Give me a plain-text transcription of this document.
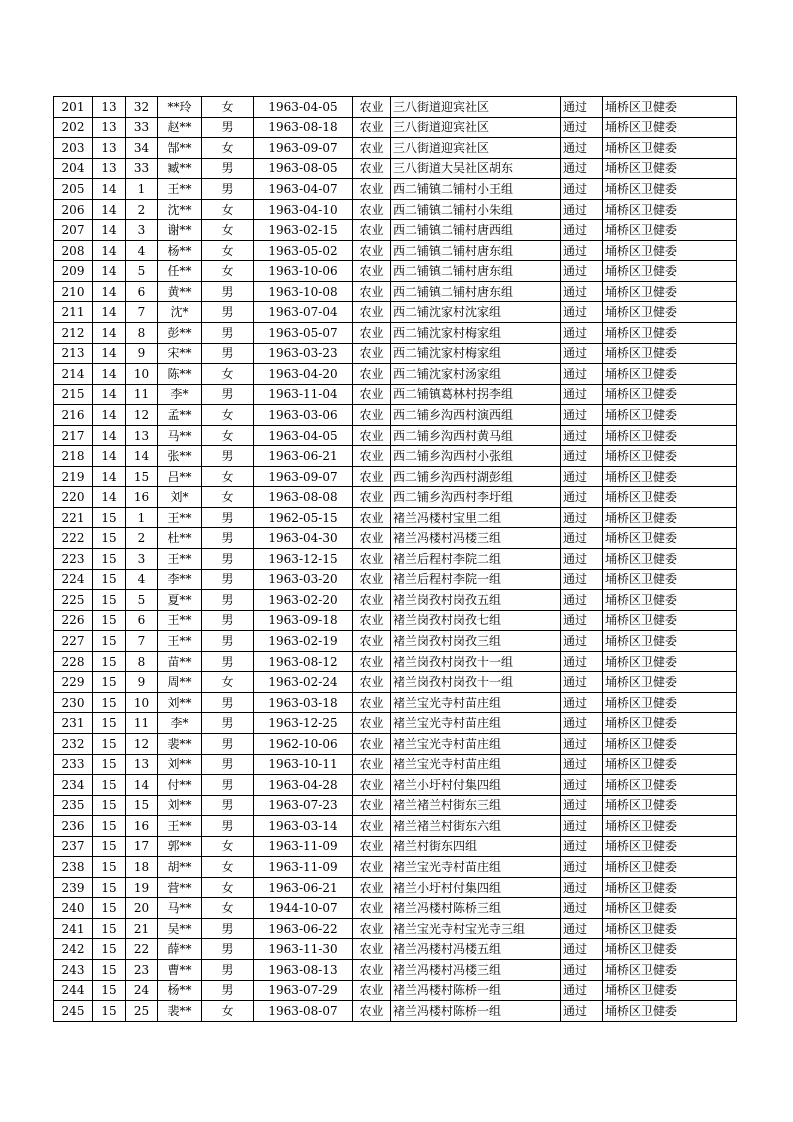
201	13	32	**玲	女	1963-04-05	农业	三八街道迎宾社区	通过	埇桥区卫健委
202	13	33	赵**	男	1963-08-18	农业	三八街道迎宾社区	通过	埇桥区卫健委
203	13	34	郜**	女	1963-09-07	农业	三八街道迎宾社区	通过	埇桥区卫健委
204	13	33	臧**	男	1963-08-05	农业	三八街道大吴社区胡东	通过	埇桥区卫健委
205	14	1	王**	男	1963-04-07	农业	西二铺镇二铺村小王组	通过	埇桥区卫健委
206	14	2	沈**	女	1963-04-10	农业	西二铺镇二铺村小朱组	通过	埇桥区卫健委
207	14	3	谢**	女	1963-02-15	农业	西二铺镇二铺村唐西组	通过	埇桥区卫健委
208	14	4	杨**	女	1963-05-02	农业	西二铺镇二铺村唐东组	通过	埇桥区卫健委
209	14	5	任**	女	1963-10-06	农业	西二铺镇二铺村唐东组	通过	埇桥区卫健委
210	14	6	黄**	男	1963-10-08	农业	西二铺镇二铺村唐东组	通过	埇桥区卫健委
211	14	7	沈*	男	1963-07-04	农业	西二铺沈家村沈家组	通过	埇桥区卫健委
212	14	8	彭**	男	1963-05-07	农业	西二铺沈家村梅家组	通过	埇桥区卫健委
213	14	9	宋**	男	1963-03-23	农业	西二铺沈家村梅家组	通过	埇桥区卫健委
214	14	10	陈**	女	1963-04-20	农业	西二铺沈家村汤家组	通过	埇桥区卫健委
215	14	11	李*	男	1963-11-04	农业	西二铺镇葛林村拐李组	通过	埇桥区卫健委
216	14	12	孟**	女	1963-03-06	农业	西二铺乡沟西村演西组	通过	埇桥区卫健委
217	14	13	马**	女	1963-04-05	农业	西二铺乡沟西村黄马组	通过	埇桥区卫健委
218	14	14	张**	男	1963-06-21	农业	西二铺乡沟西村小张组	通过	埇桥区卫健委
219	14	15	吕**	女	1963-09-07	农业	西二铺乡沟西村湖彭组	通过	埇桥区卫健委
220	14	16	刘*	女	1963-08-08	农业	西二铺乡沟西村李圩组	通过	埇桥区卫健委
221	15	1	王**	男	1962-05-15	农业	褚兰冯楼村宝里二组	通过	埇桥区卫健委
222	15	2	杜**	男	1963-04-30	农业	褚兰冯楼村冯楼三组	通过	埇桥区卫健委
223	15	3	王**	男	1963-12-15	农业	褚兰后程村李院二组	通过	埇桥区卫健委
224	15	4	李**	男	1963-03-20	农业	褚兰后程村李院一组	通过	埇桥区卫健委
225	15	5	夏**	男	1963-02-20	农业	褚兰岗孜村岗孜五组	通过	埇桥区卫健委
226	15	6	王**	男	1963-09-18	农业	褚兰岗孜村岗孜七组	通过	埇桥区卫健委
227	15	7	王**	男	1963-02-19	农业	褚兰岗孜村岗孜三组	通过	埇桥区卫健委
228	15	8	苗**	男	1963-08-12	农业	褚兰岗孜村岗孜十一组	通过	埇桥区卫健委
229	15	9	周**	女	1963-02-24	农业	褚兰岗孜村岗孜十一组	通过	埇桥区卫健委
230	15	10	刘**	男	1963-03-18	农业	褚兰宝光寺村苗庄组	通过	埇桥区卫健委
231	15	11	李*	男	1963-12-25	农业	褚兰宝光寺村苗庄组	通过	埇桥区卫健委
232	15	12	裴**	男	1962-10-06	农业	褚兰宝光寺村苗庄组	通过	埇桥区卫健委
233	15	13	刘**	男	1963-10-11	农业	褚兰宝光寺村苗庄组	通过	埇桥区卫健委
234	15	14	付**	男	1963-04-28	农业	褚兰小圩村付集四组	通过	埇桥区卫健委
235	15	15	刘**	男	1963-07-23	农业	褚兰褚兰村街东三组	通过	埇桥区卫健委
236	15	16	王**	男	1963-03-14	农业	褚兰褚兰村街东六组	通过	埇桥区卫健委
237	15	17	郭**	女	1963-11-09	农业	褚兰村街东四组	通过	埇桥区卫健委
238	15	18	胡**	女	1963-11-09	农业	褚兰宝光寺村苗庄组	通过	埇桥区卫健委
239	15	19	营**	女	1963-06-21	农业	褚兰小圩村付集四组	通过	埇桥区卫健委
240	15	20	马**	女	1944-10-07	农业	褚兰冯楼村陈桥三组	通过	埇桥区卫健委
241	15	21	吴**	男	1963-06-22	农业	褚兰宝光寺村宝光寺三组	通过	埇桥区卫健委
242	15	22	薛**	男	1963-11-30	农业	褚兰冯楼村冯楼五组	通过	埇桥区卫健委
243	15	23	曹**	男	1963-08-13	农业	褚兰冯楼村冯楼三组	通过	埇桥区卫健委
244	15	24	杨**	男	1963-07-29	农业	褚兰冯楼村陈桥一组	通过	埇桥区卫健委
245	15	25	裴**	女	1963-08-07	农业	褚兰冯楼村陈桥一组	通过	埇桥区卫健委
